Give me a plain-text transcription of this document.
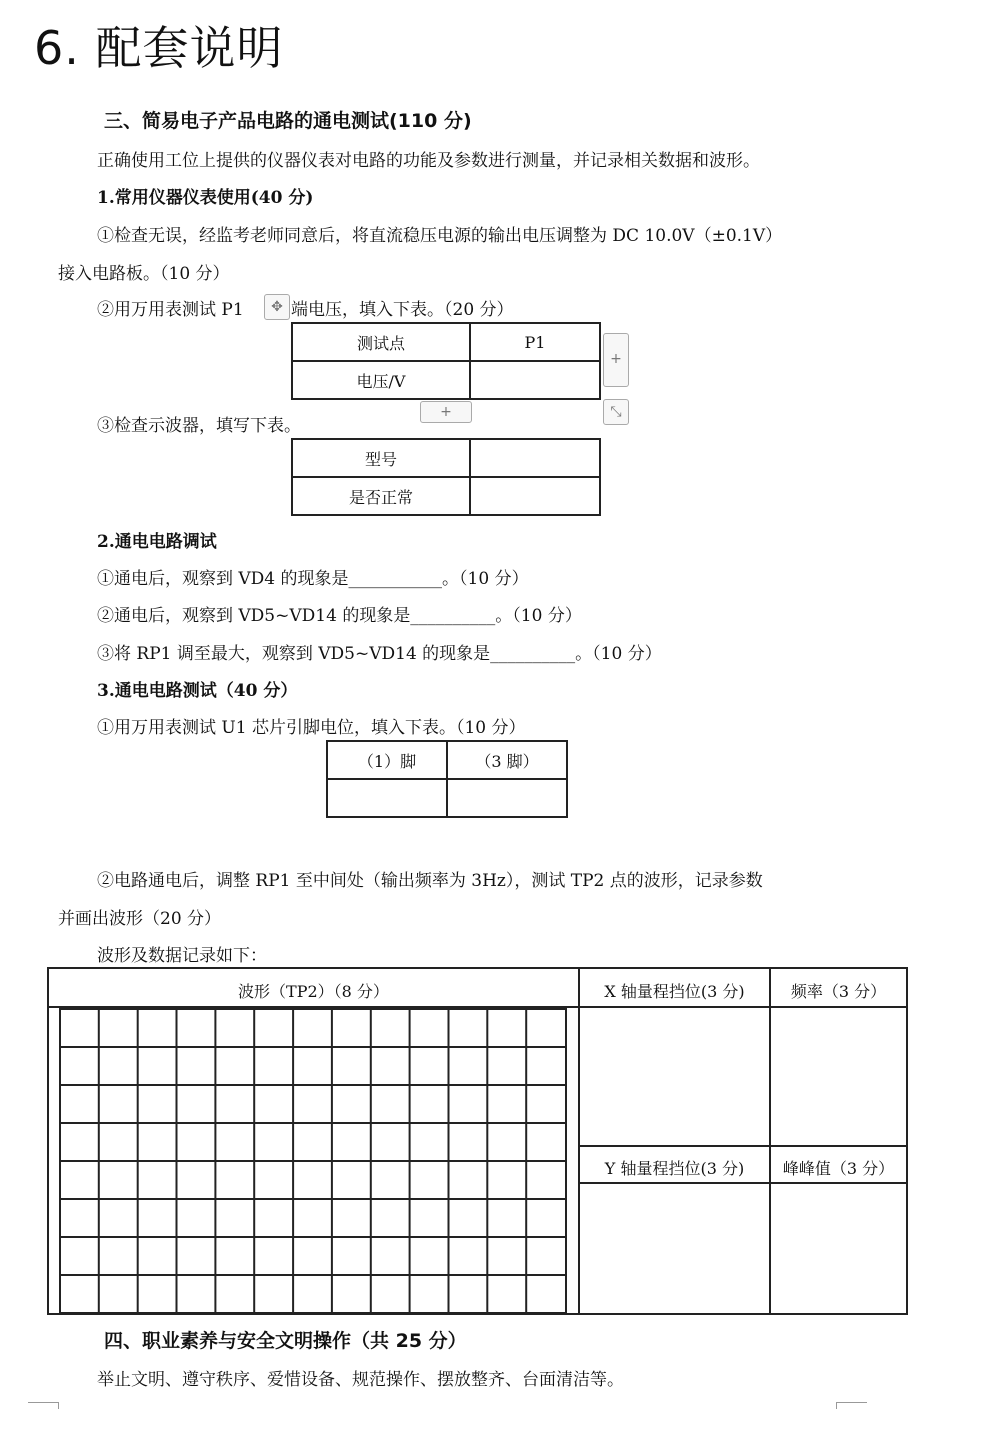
6. 配套说明
三、简易电子产品电路的通电测试(110 分)
正确使用工位上提供的仪器仪表对电路的功能及参数进行测量，并记录相关数据和波形。
1.常用仪器仪表使用(40 分)
①检查无误，经监考老师同意后，将直流稳压电源的输出电压调整为 DC 10.0V（±0.1V）
接入电路板。（10 分）
②用万用表测试 P1	✥ 端电压，填入下表。（20 分）
测试点	P1
电压/V	
+
+	⤡
③检查示波器，填写下表。
型号	
是否正常	
2.通电电路调试
①通电后，观察到 VD4 的现象是___________。（10 分）
②通电后，观察到 VD5~VD14 的现象是__________。（10 分）
③将 RP1 调至最大，观察到 VD5~VD14 的现象是__________。（10 分）
3.通电电路测试（40 分）
①用万用表测试 U1 芯片引脚电位，填入下表。（10 分）
（1）脚	（3 脚）

②电路通电后，调整 RP1 至中间处（输出频率为 3Hz），测试 TP2 点的波形，记录参数
并画出波形（20 分）
波形及数据记录如下：
波形（TP2）（8 分）	X 轴量程挡位(3 分)	频率（3 分）
Y 轴量程挡位(3 分)	峰峰值（3 分）
四、职业素养与安全文明操作（共 25 分）
举止文明、遵守秩序、爱惜设备、规范操作、摆放整齐、台面清洁等。
